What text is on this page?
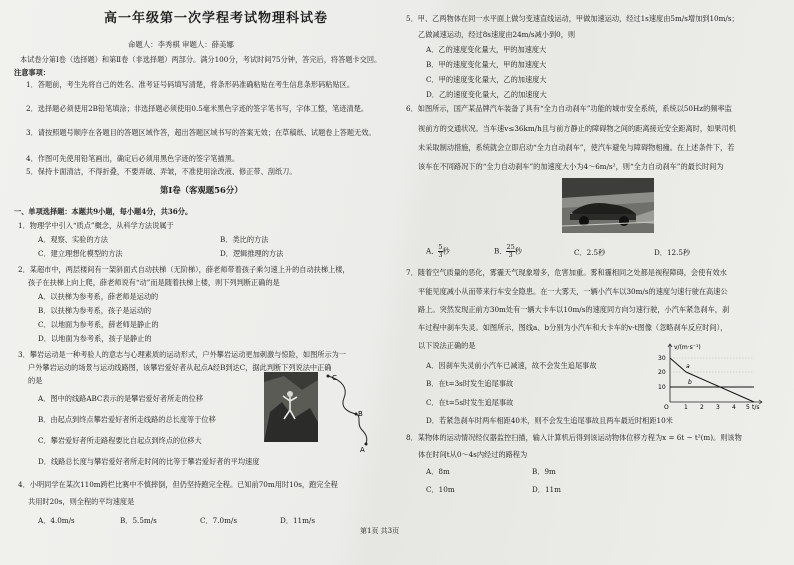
高一年级第一次学程考试物理科试卷
命题人：李秀棋 审题人：薛美娜
本试卷分第Ⅰ卷（选择题）和第Ⅱ卷（非选择题）两部分。满分100分，考试时间75分钟，答完后，将答题卡交回。
注意事项：
1．答题前，考生先将自己的姓名、准考证号码填写清楚，将条形码准确粘贴在考生信息条形码粘贴区。
2．选择题必须使用2B铅笔填涂；非选择题必须使用0.5毫米黑色字迹的签字笔书写，字体工整，笔迹清楚。
3．请按照题号顺序在各题目的答题区域作答，超出答题区域书写的答案无效；在草稿纸、试题卷上答题无效。
4．作图可先使用铅笔画出，确定后必须用黑色字迹的签字笔描黑。
5．保持卡面清洁，不得折叠，不要弄破、弄皱，不准使用涂改液、修正带、刮纸刀。
第Ⅰ卷（客观题56分）
一、单项选择题：本题共9小题，每小题4分，共36分。
1．物理学中引入“质点”概念，从科学方法说属于
A．观察、实验的方法	B．类比的方法
C．建立理想化模型的方法	D．逻辑推理的方法
2．某超市中，两层楼间有一架斜面式自动扶梯（无阶梯），薛老师带着孩子乘匀速上升的自动扶梯上楼，
孩子在扶梯上向上爬，薛老师说有“动”而是随着扶梯上楼，则下列判断正确的是
A．以扶梯为参考系，薛老师是运动的
B．以扶梯为参考系，孩子是运动的
C．以地面为参考系，薛老师是静止的
D．以地面为参考系，孩子是静止的
3．攀岩运动是一种考验人的意志与心理素质的运动形式，户外攀岩运动更加刺激与惊险，如图所示为一
户外攀岩运动的场景与运动线路图，该攀岩爱好者从起点A经B到达C，据此判断下列说法中正确
的是
A．图中的线路ABC表示的是攀岩爱好者所走的位移
B．由起点到终点攀岩爱好者所走线路的总长度等于位移
C．攀岩爱好者所走路程要比自起点到终点的位移大
D．线路总长度与攀岩爱好者所走时间的比等于攀岩爱好者的平均速度
C
B
A
4．小明同学在某次110m跨栏比赛中不慎摔倒，但仍坚持跑完全程。已知前70m用时10s，跑完全程
共用时20s，则全程的平均速度是
A．4.0m/s	B．5.5m/s	C．7.0m/s	D．11m/s
5．甲、乙两物体在同一水平面上做匀变速直线运动，甲做加速运动，经过1s速度由5m/s增加到10m/s；
乙做减速运动，经过8s速度由24m/s减小到0，则
A．乙的速度变化量大，甲的加速度大
B．甲的速度变化量大，甲的加速度大
C．甲的速度变化量大，乙的加速度大
D．乙的速度变化量大，乙的加速度大
6．如图所示，国产某品牌汽车装备了具有“全力自动刹车”功能的城市安全系统，系统以50Hz的频率监
视前方的交通状况。当车速v≤36km/h且与前方静止的障碍物之间的距离接近安全距离时，如果司机
未采取制动措施，系统就会立即启动“全力自动刹车”，使汽车避免与障碍物相撞。在上述条件下，若
该车在不同路况下的“全力自动刹车”的加速度大小为4～6m/s²，则“全力自动刹车”的最长时间为
A． $\frac{5}{3}$ 秒	B． $\frac{25}{3}$ 秒	C．2.5秒	D．12.5秒
7．随着空气质量的恶化，雾霾天气现象增多，危害加重。雾和霾相同之处都是视程障碍，会使有效水
平能见度减小从而带来行车安全隐患。在一大雾天，一辆小汽车以30m/s的速度匀速行驶在高速公
路上。突然发现正前方30m处有一辆大卡车以10m/s的速度同方向匀速行驶，小汽车紧急刹车，刹
车过程中刹车失灵。如图所示，图线a、b分别为小汽车和大卡车的v-t图像（忽略刹车反应时间），
以下说法正确的是
A．因刹车失灵前小汽车已减速，故不会发生追尾事故
B．在t=3s时发生追尾事故
C．在t=5s时发生追尾事故
D．若紧急刹车时两车相距40米，则不会发生追尾事故且两车最近时相距10米
v/(m·s⁻¹)
t/s
30
20
10
O	1 2 3 4 5
a
b
8．某物体的运动情况经仪器监控扫描，输入计算机后得到该运动物体位移方程为x = 6t − t²(m)。则该物
体在时间t从0～4s内经过的路程为
A．8m	B．9m
C．10m	D．11m
第1页 共3页
